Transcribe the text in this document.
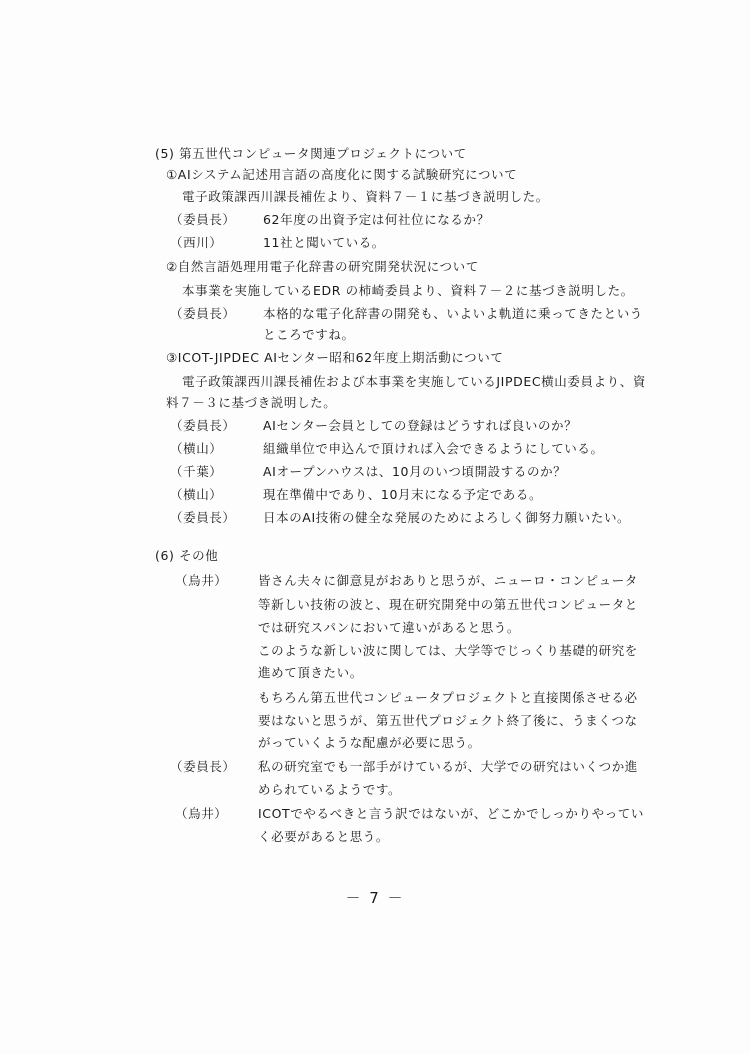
(5) 第五世代コンピュータ関連プロジェクトについて
①AIシステム記述用言語の高度化に関する試験研究について
電子政策課西川課長補佐より、資料７－１に基づき説明した。
（委員長） 62年度の出資予定は何社位になるか？
（西川）	11社と聞いている。
②自然言語処理用電子化辞書の研究開発状況について
本事業を実施しているEDR の柿崎委員より、資料７－２に基づき説明した。
（委員長） 本格的な電子化辞書の開発も、いよいよ軌道に乗ってきたという
ところですね。
③ICOT-JIPDEC AIセンター昭和62年度上期活動について
電子政策課西川課長補佐および本事業を実施しているJIPDEC横山委員より、資
料７－３に基づき説明した。
（委員長） AIセンター会員としての登録はどうすれば良いのか？
（横山）	組織単位で申込んで頂ければ入会できるようにしている。
（千葉）	AIオープンハウスは、10月のいつ頃開設するのか？
（横山）	現在準備中であり、10月末になる予定である。
（委員長） 日本のAI技術の健全な発展のためによろしく御努力願いたい。
(6) その他
（烏井） 皆さん夫々に御意見がおありと思うが、ニューロ・コンピュータ
等新しい技術の波と、現在研究開発中の第五世代コンピュータと
では研究スパンにおいて違いがあると思う。
このような新しい波に関しては、大学等でじっくり基礎的研究を
進めて頂きたい。
もちろん第五世代コンピュータプロジェクトと直接関係させる必
要はないと思うが、第五世代プロジェクト終了後に、うまくつな
がっていくような配慮が必要に思う。
（委員長） 私の研究室でも一部手がけているが、大学での研究はいくつか進
められているようです。
（烏井） ICOTでやるべきと言う訳ではないが、どこかでしっかりやってい
く必要があると思う。
－ 7 －
